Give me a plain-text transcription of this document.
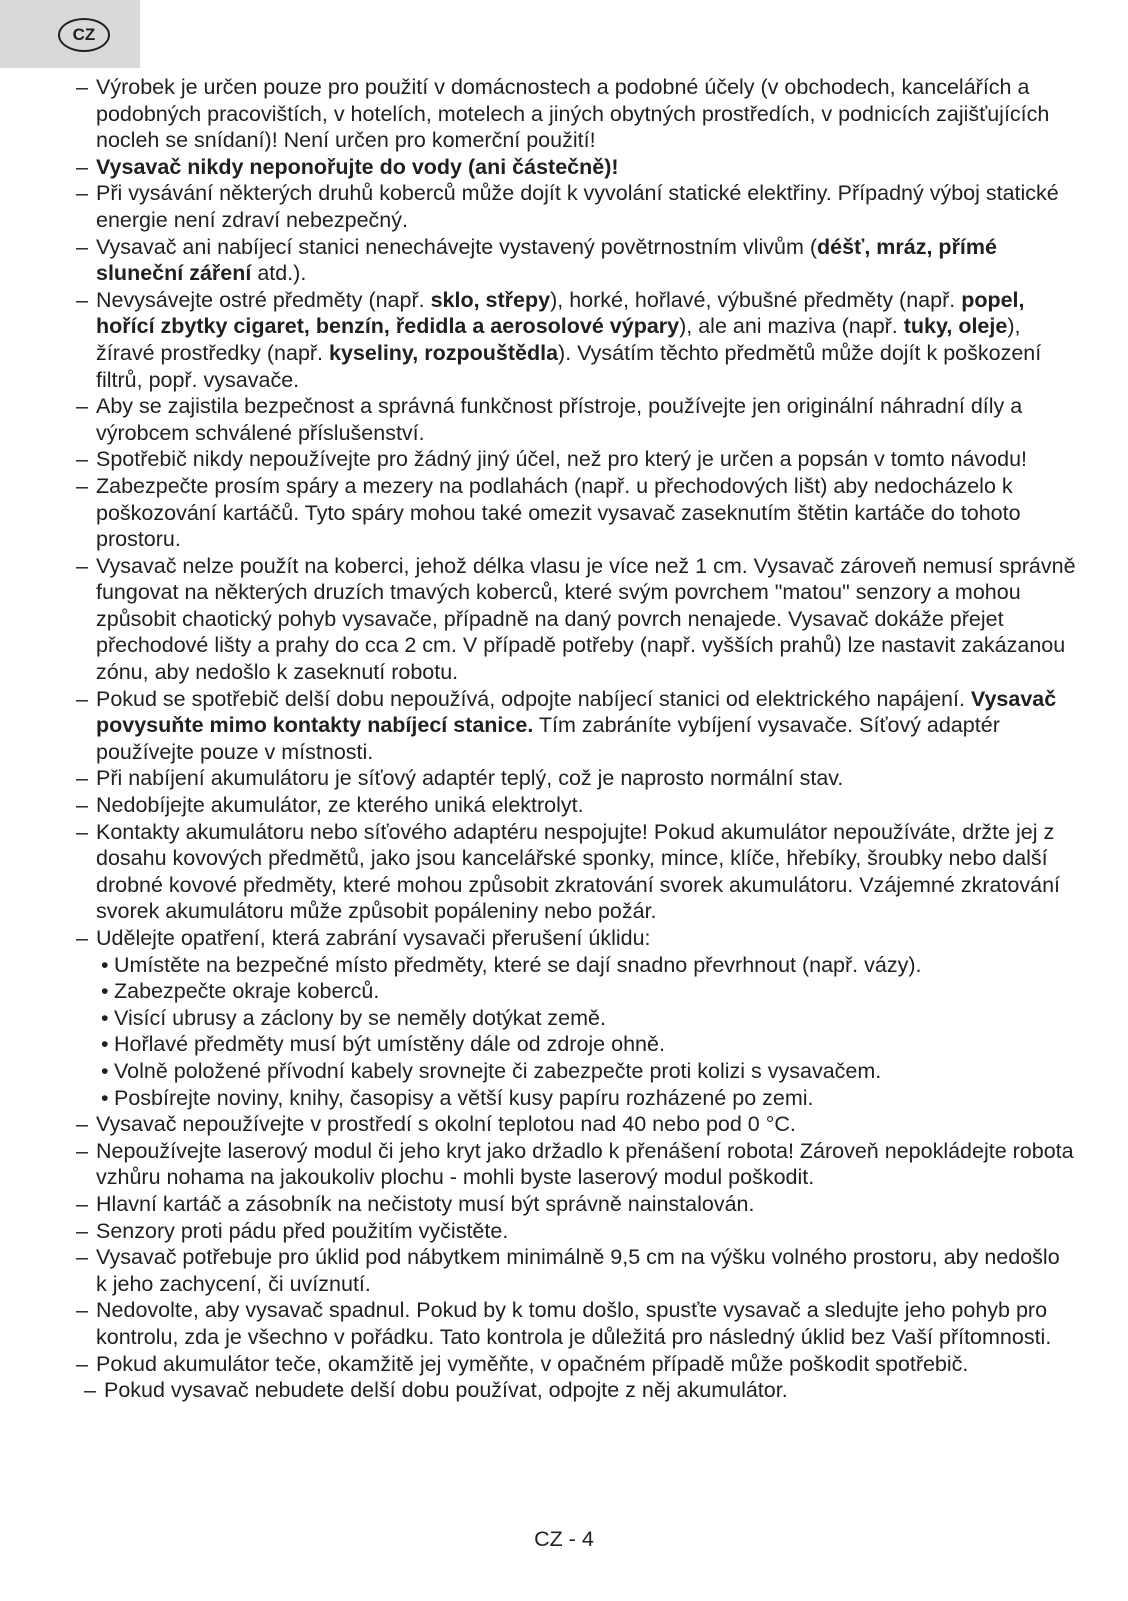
CZ
– Výrobek je určen pouze pro použití v domácnostech a podobné účely (v obchodech, kancelářích a podobných pracovištích, v hotelích, motelech a jiných obytných prostředích, v podnicích zajišťujících nocleh se snídaní)! Není určen pro komerční použití!
– Vysavač nikdy neponořujte do vody (ani částečně)!
– Při vysávání některých druhů koberců může dojít k vyvolání statické elektřiny. Případný výboj statické energie není zdraví nebezpečný.
– Vysavač ani nabíjecí stanici nenechávejte vystavený povětrnostním vlivům (déšť, mráz, přímé sluneční záření atd.).
– Nevysávejte ostré předměty (např. sklo, střepy), horké, hořlavé, výbušné předměty (např. popel, hořící zbytky cigaret, benzín, ředidla a aerosolové výpary), ale ani maziva (např. tuky, oleje), žíravé prostředky (např. kyseliny, rozpouštědla). Vysátím těchto předmětů může dojít k poškození filtrů, popř. vysavače.
– Aby se zajistila bezpečnost a správná funkčnost přístroje, používejte jen originální náhradní díly a výrobcem schválené příslušenství.
– Spotřebič nikdy nepoužívejte pro žádný jiný účel, než pro který je určen a popsán v tomto návodu!
– Zabezpečte prosím spáry a mezery na podlahách (např. u přechodových lišt) aby nedocházelo k poškozování kartáčů. Tyto spáry mohou také omezit vysavač zaseknutím štětin kartáče do tohoto prostoru.
– Vysavač nelze použít na koberci, jehož délka vlasu je více než 1 cm. Vysavač zároveň nemusí správně fungovat na některých druzích tmavých koberců, které svým povrchem "matou" senzory a mohou způsobit chaotický pohyb vysavače, případně na daný povrch nenajede. Vysavač dokáže přejet přechodové lišty a prahy do cca 2 cm. V případě potřeby (např. vyšších prahů) lze nastavit zakázanou zónu, aby nedošlo k zaseknutí robotu.
– Pokud se spotřebič delší dobu nepoužívá, odpojte nabíjecí stanici od elektrického napájení. Vysavač povysuňte mimo kontakty nabíjecí stanice. Tím zabráníte vybíjení vysavače. Síťový adaptér používejte pouze v místnosti.
– Při nabíjení akumulátoru je síťový adaptér teplý, což je naprosto normální stav.
– Nedobíjejte akumulátor, ze kterého uniká elektrolyt.
– Kontakty akumulátoru nebo síťového adaptéru nespojujte! Pokud akumulátor nepoužíváte, držte jej z dosahu kovových předmětů, jako jsou kancelářské sponky, mince, klíče, hřebíky, šroubky nebo další drobné kovové předměty, které mohou způsobit zkratování svorek akumulátoru. Vzájemné zkratování svorek akumulátoru může způsobit popáleniny nebo požár.
– Udělejte opatření, která zabrání vysavači přerušení úklidu:
• Umístěte na bezpečné místo předměty, které se dají snadno převrhnout (např. vázy).
• Zabezpečte okraje koberců.
• Visící ubrusy a záclony by se neměly dotýkat země.
• Hořlavé předměty musí být umístěny dále od zdroje ohně.
• Volně položené přívodní kabely srovnejte či zabezpečte proti kolizi s vysavačem.
• Posbírejte noviny, knihy, časopisy a větší kusy papíru rozházené po zemi.
– Vysavač nepoužívejte v prostředí s okolní teplotou nad 40 nebo pod 0 °C.
– Nepoužívejte laserový modul či jeho kryt jako držadlo k přenášení robota! Zároveň nepokládejte robota vzhůru nohama na jakoukoliv plochu - mohli byste laserový modul poškodit.
– Hlavní kartáč a zásobník na nečistoty musí být správně nainstalován.
– Senzory proti pádu před použitím vyčistěte.
– Vysavač potřebuje pro úklid pod nábytkem minimálně 9,5 cm na výšku volného prostoru, aby nedošlo k jeho zachycení, či uvíznutí.
– Nedovolte, aby vysavač spadnul. Pokud by k tomu došlo, spusťte vysavač a sledujte jeho pohyb pro kontrolu, zda je všechno v pořádku. Tato kontrola je důležitá pro následný úklid bez Vaší přítomnosti.
– Pokud akumulátor teče, okamžitě jej vyměňte, v opačném případě může poškodit spotřebič.
– Pokud vysavač nebudete delší dobu používat, odpojte z něj akumulátor.
CZ - 4
